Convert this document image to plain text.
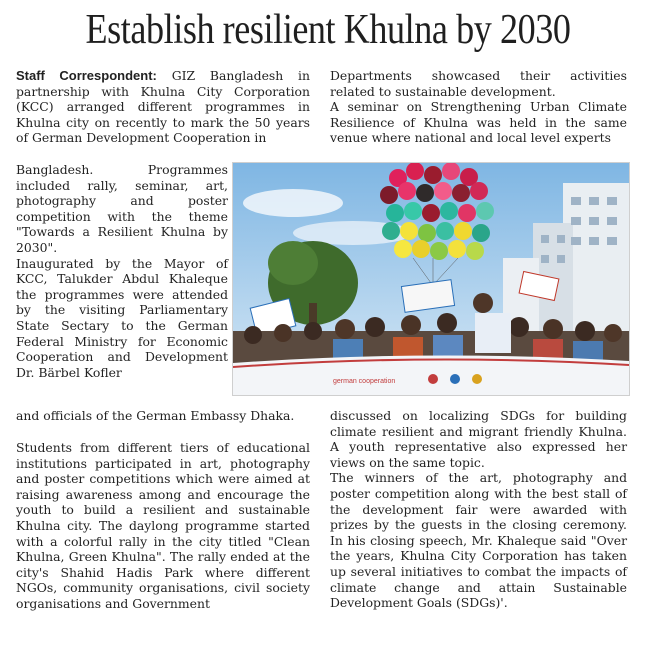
Establish resilient Khulna by 2030

Staff Correspondent: GIZ Bangladesh in partnership with Khulna City Corporation (KCC) arranged different programmes in Khulna city on recently to mark the 50 years of German Development Cooperation in

Bangladesh. Programmes included rally, seminar, art, photography and poster competition with the theme "Towards a Resilient Khulna by 2030".

Inaugurated by the Mayor of KCC, Talukder Abdul Khaleque the programmes were attended by the visiting Parliamentary State Sectary to the German Federal Ministry for Economic Cooperation and Development Dr. Bärbel Kofler

and officials of the German Embassy Dhaka.

Students from different tiers of educational institutions participated in art, photography and poster competitions which were aimed at raising awareness among and encourage the youth to build a resilient and sustainable Khulna city. The daylong programme started with a colorful rally in the city titled "Clean Khulna, Green Khulna". The rally ended at the city's Shahid Hadis Park where different NGOs, community organisations, civil society organisations and Government

Departments showcased their activities related to sustainable development.

A seminar on Strengthening Urban Climate Resilience of Khulna was held in the same venue where national and local level experts

discussed on localizing SDGs for building climate resilient and migrant friendly Khulna. A youth representative also expressed her views on the same topic.

The winners of the art, photography and poster competition along with the best stall of the development fair were awarded with prizes by the guests in the closing ceremony. In his closing speech, Mr. Khaleque said "Over the years, Khulna City Corporation has taken up several initiatives to combat the impacts of climate change and attain Sustainable Development Goals (SDGs)'.

german cooperation
